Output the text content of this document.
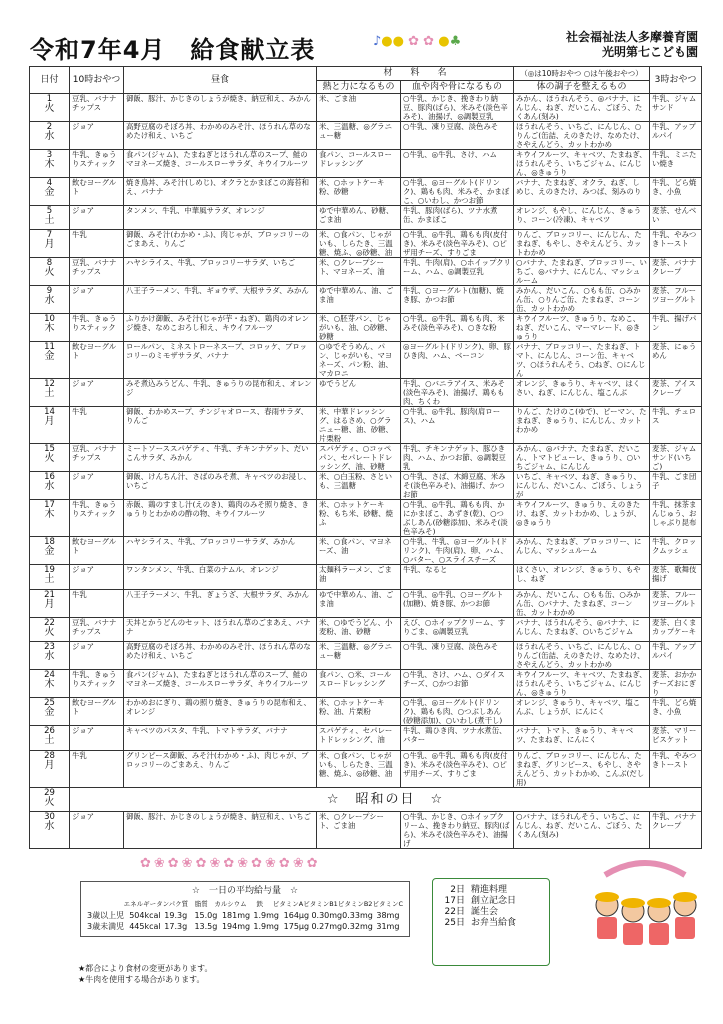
令和7年4月　給食献立表	♪●● ✿ ✿ ●♣	社会福祉法人多摩養育園
光明第七こども園
日付	10時おやつ	昼食	材　　料　　名		（◎は10時おやつ ○は午後おやつ）	3時おやつ
			熱と力になるもの	血や肉や骨になるもの	体の調子を整えるもの	

1
火	豆乳、バナナチップス	御飯、豚汁、かじきのしょうが焼き、納豆和え、みかん	米、ごま油	○牛乳、かじき、挽きわり納豆、豚肉(ばら)、米みそ(淡色辛みそ)、油揚げ、◎調製豆乳	みかん、ほうれんそう、◎バナナ、にんじん、ねぎ、だいこん、ごぼう、たくあん(刻み)	牛乳、ジャムサンド

2
水	ジョア	高野豆腐のそぼろ丼、わかめのみそ汁、ほうれん草のなめたけ和え、いちご	米、三温糖、◎グラニュー糖	○牛乳、凍り豆腐、淡色みそ	ほうれんそう、いちご、にんじん、○りんご(缶詰、えのきたけ、なめたけ、さやえんどう、カットわかめ	牛乳、アップルパイ

3
木	牛乳、きゅうりスティック	食パン(ジャム)、たまねぎとほうれん草のスープ、鮭のマヨネーズ焼き、コールスローサラダ、キウイフルーツ	食パン、コールスロードレッシング	○牛乳、◎牛乳、さけ、ハム	キウイフルーツ、キャベツ、たまねぎ、ほうれんそう、いちごジャム、にんじん、◎きゅうり	牛乳、ミニたい焼き

4
金	飲むヨーグルト	焼き鳥丼、みそ汁(しめじ)、オクラとかまぼこの海苔和え、バナナ	米、○ホットケーキ粉、砂糖	○牛乳、◎ヨーグルト(ドリンク)、鶏もも肉、米みそ、かまぼこ、○いわし、かつお節	バナナ、たまねぎ、オクラ、ねぎ、しめじ、えのきたけ、みつば、刻みのり	牛乳、どら焼き、小魚

5
土	ジョア	タンメン、牛乳、中華風サラダ、オレンジ	ゆで中華めん、砂糖、ごま油	牛乳、豚肉(ばら)、ツナ水煮缶、かまぼこ	オレンジ、もやし、にんじん、きゅうり、コーン(冷凍)、キャベツ	麦茶、せんべい

7
月	牛乳	御飯、みそ汁(わかめ・ふ)、肉じゃが、ブロッコリーのごまあえ、りんご	米、○食パン、じゃがいも、しらたき、三温糖、焼ふ、◎砂糖、油	○牛乳、◎牛乳、鶏もも肉(皮付き)、米みそ(淡色辛みそ)、○ピザ用チーズ、すりごま	りんご、ブロッコリー、にんじん、たまねぎ、もやし、さやえんどう、カットわかめ	牛乳、やみつきトースト

8
火	豆乳、バナナチップス	ハヤシライス、牛乳、ブロッコリーサラダ、いちご	米、○クレープシート、マヨネーズ、油	牛乳、牛肉(肩)、○ホイップクリーム、ハム、◎調製豆乳	○バナナ、たまねぎ、ブロッコリー、いちご、◎バナナ、にんじん、マッシュルーム	麦茶、バナナクレープ

9
水	ジョア	八王子ラーメン、牛乳、ギョウザ、大根サラダ、みかん	ゆで中華めん、油、ごま油	牛乳、○ヨーグルト(加糖)、焼き豚、かつお節	みかん、だいこん、○もも缶、○みかん缶、○りんご缶、たまねぎ、コーン缶、カットわかめ	麦茶、フルーツヨーグルト

10
木	牛乳、きゅうりスティック	ふりかけ御飯、みそ汁(じゃが芋・ねぎ)、鶏肉のオレンジ焼き、なめこおろし和え、キウイフルーツ	米、○胚芽パン、じゃがいも、油、○砂糖、砂糖	○牛乳、◎牛乳、鶏もも肉、米みそ(淡色辛みそ)、○きな粉	キウイフルーツ、きゅうり、なめこ、ねぎ、だいこん、マーマレード、◎きゅうり	牛乳、揚げパン

11
金	飲むヨーグルト	ロールパン、ミネストローネスープ、コロッケ、ブロッコリーのミモザサラダ、バナナ	○ゆでそうめん、パン、じゃがいも、マヨネーズ、パン粉、油、マカロニ	◎ヨーグルト(ドリンク)、卵、豚ひき肉、ハム、ベーコン	バナナ、ブロッコリー、たまねぎ、トマト、にんじん、コーン缶、キャベツ、○ほうれんそう、○ねぎ、○にんじん	麦茶、にゅうめん

12
土	ジョア	みそ煮込みうどん、牛乳、きゅうりの昆布和え、オレンジ	ゆでうどん	牛乳、○バニラアイス、米みそ(淡色辛みそ)、油揚げ、鶏もも肉、ちくわ	オレンジ、きゅうり、キャベツ、はくさい、ねぎ、にんじん、塩こんぶ	麦茶、アイスクレープ

14
月	牛乳	御飯、わかめスープ、チンジャオロース、春雨サラダ、りんご	米、中華ドレッシング、はるさめ、○グラニュー糖、油、砂糖、片栗粉	○牛乳、◎牛乳、豚肉(肩ロース)、ハム	りんご、たけのこ(ゆで)、ピーマン、たまねぎ、きゅうり、にんじん、カットわかめ	牛乳、チュロス

15
火	豆乳、バナナチップス	ミートソーススパゲティ、牛乳、チキンナゲット、だいこんサラダ、みかん	スパゲティ、○コッペパン、セパレートドレッシング、油、砂糖	牛乳、チキンナゲット、豚ひき肉、ハム、かつお節、◎調製豆乳	みかん、◎バナナ、たまねぎ、だいこん、トマトピューレ、きゅうり、○いちごジャム、にんじん	麦茶、ジャムサンド(いちご)

16
水	ジョア	御飯、けんちん汁、さばのみそ煮、キャベツのお浸し、いちご	米、○白玉粉、さといも、三温糖	○牛乳、さば、木綿豆腐、米みそ(淡色辛みそ)、油揚げ、かつお節	いちご、キャベツ、ねぎ、きゅうり、にんじん、だいこん、ごぼう、しょうが	牛乳、ごま団子

17
木	牛乳、きゅうりスティック	赤飯、鶏のすまし汁(えのき)、鶏肉のみそ照り焼き、きゅうりとわかめの酢の物、キウイフルーツ	米、○ホットケーキ粉、もち米、砂糖、焼ふ	○牛乳、◎牛乳、鶏もも肉、かにかまぼこ、あずき(乾)、○つぶしあん(砂糖添加)、米みそ(淡色辛みそ)	キウイフルーツ、きゅうり、えのきたけ、ねぎ、カットわかめ、しょうが、◎きゅうり	牛乳、抹茶まんじゅう、おしゃぶり昆布

18
金	飲むヨーグルト	ハヤシライス、牛乳、ブロッコリーサラダ、みかん	米、○食パン、マヨネーズ、油	○牛乳、牛乳、◎ヨーグルト(ドリンク)、牛肉(肩)、卵、ハム、○バター、○スライスチーズ	みかん、たまねぎ、ブロッコリー、にんじん、マッシュルーム	牛乳、クロックムッシュ

19
土	ジョア	ワンタンメン、牛乳、白菜のナムル、オレンジ	太麺科ラーメン、ごま油	牛乳、なると	はくさい、オレンジ、きゅうり、もやし、ねぎ	麦茶、歌舞伎揚げ

21
月	牛乳	八王子ラーメン、牛乳、ぎょうざ、大根サラダ、みかん	ゆで中華めん、油、ごま油	○牛乳、◎牛乳、○ヨーグルト(加糖)、焼き豚、かつお節	みかん、だいこん、○もも缶、○みかん缶、○バナナ、たまねぎ、コーン缶、カットわかめ	麦茶、フルーツヨーグルト

22
火	豆乳、バナナチップス	天丼とかうどんのセット、ほうれん草のごまあえ、バナナ	米、○ゆでうどん、小麦粉、油、砂糖	えび、○ホイップクリーム、すりごま、◎調製豆乳	バナナ、ほうれんそう、◎バナナ、にんじん、たまねぎ、○いちごジャム	麦茶、白くまカップケーキ

23
水	ジョア	高野豆腐のそぼろ丼、わかめのみそ汁、ほうれん草のなめたけ和え、いちご	米、三温糖、◎グラニュー糖	○牛乳、凍り豆腐、淡色みそ	ほうれんそう、いちご、にんじん、○りんご(缶詰、えのきたけ、なめたけ、さやえんどう、カットわかめ	牛乳、アップルパイ

24
木	牛乳、きゅうりスティック	食パン(ジャム)、たまねぎとほうれん草のスープ、鮭のマヨネーズ焼き、コールスローサラダ、キウイフルーツ	食パン、○米、コールスロードレッシング	○牛乳、さけ、ハム、○ダイスチーズ、○かつお節	キウイフルーツ、キャベツ、たまねぎ、ほうれんそう、いちごジャム、にんじん、◎きゅうり	麦茶、おかかチーズおにぎり

25
金	飲むヨーグルト	わかめおにぎり、鶏の照り焼き、きゅうりの昆布和え、オレンジ	米、○ホットケーキ粉、油、片栗粉	○牛乳、◎ヨーグルト(ドリンク)、鶏もも肉、○つぶしあん(砂糖添加)、○いわし(煮干し)	オレンジ、きゅうり、キャベツ、塩こんぶ、しょうが、にんにく	牛乳、どら焼き、小魚

26
土	ジョア	キャベツのパスタ、牛乳、トマトサラダ、バナナ	スパゲティ、セパレートドレッシング、油	牛乳、鶏ひき肉、ツナ水煮缶、バター	バナナ、トマト、きゅうり、キャベツ、たまねぎ、にんにく	麦茶、マリービスケット

28
月	牛乳	グリンピース御飯、みそ汁(わかめ・ふ)、肉じゃが、ブロッコリーのごまあえ、りんご	米、○食パン、じゃがいも、しらたき、三温糖、焼ふ、◎砂糖、油	○牛乳、◎牛乳、鶏もも肉(皮付き)、米みそ(淡色辛みそ)、○ピザ用チーズ、すりごま	りんご、ブロッコリー、にんじん、たまねぎ、グリンピース、もやし、さやえんどう、カットわかめ、こんぶ(だし用)	牛乳、やみつきトースト

29
火	☆　昭和の日　☆					

30
水	ジョア	御飯、豚汁、かじきのしょうが焼き、納豆和え、いちご	米、○クレープシート、ごま油	○牛乳、かじき、○ホイップクリーム、挽きわり納豆、豚肉(ばら)、米みそ(淡色辛みそ)、油揚げ	○バナナ、ほうれんそう、いちご、にんじん、ねぎ、だいこん、ごぼう、たくあん(刻み)	牛乳、バナナクレープ
✿❀✿❀✿❀✿❀✿❀✿❀✿
☆　一日の平均給与量　☆
エネルギー タンパク質	脂質	カルシウム	鉄	ビタミンA ビタミンB1 ビタミンB2 ビタミンC
3歳以上児 504kcal 19.3g 15.0g 181mg 1.9mg 164μg 0.30mg 0.33mg 38mg
3歳未満児 445kcal 17.3g 13.5g 194mg 1.9mg 175μg 0.27mg 0.32mg 31mg
2日 精進料理
17日 創立記念日
22日 誕生会
25日 お弁当給食
★都合により食材の変更があります。
★牛肉を使用する場合があります。
